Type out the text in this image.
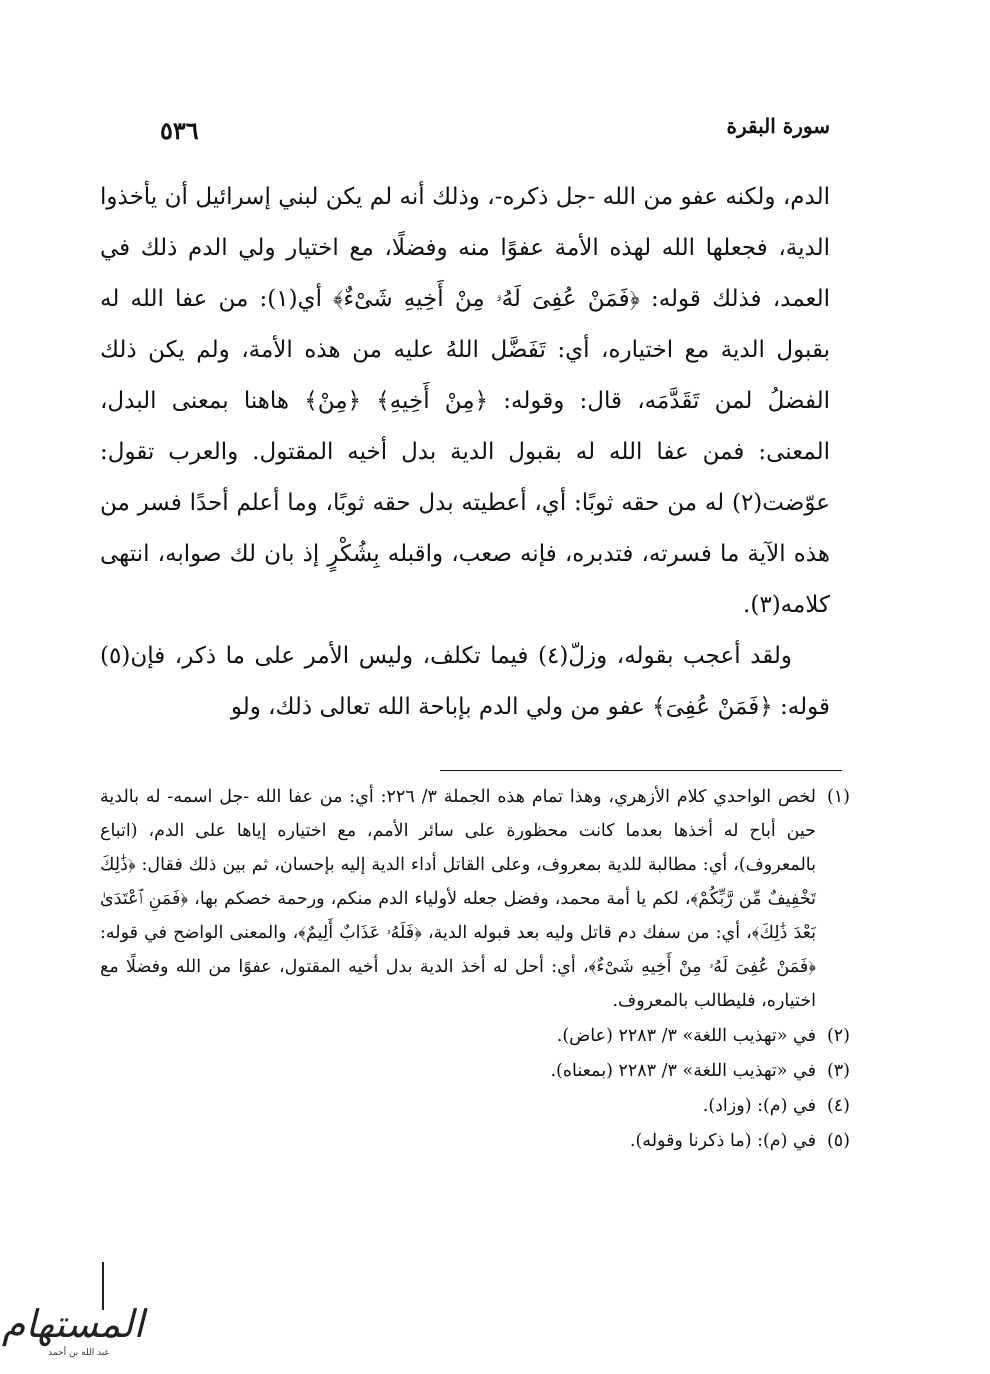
سورة البقرة
٥٣٦

الدم، ولكنه عفو من الله -جل ذكره-، وذلك أنه لم يكن لبني إسرائيل أن يأخذوا الدية، فجعلها الله لهذه الأمة عفوًا منه وفضلًا، مع اختيار ولي الدم ذلك في العمد، فذلك قوله: ﴿فَمَنْ عُفِىَ لَهُۥ مِنْ أَخِيهِ شَىْءٌ﴾ أي(١): من عفا الله له بقبول الدية مع اختياره، أي: تَفَضَّل اللهُ عليه من هذه الأمة، ولم يكن ذلك الفضلُ لمن تَقَدَّمَه، قال: وقوله: ﴿مِنْ أَخِيهِ﴾ ﴿مِنْ﴾ هاهنا بمعنى البدل، المعنى: فمن عفا الله له بقبول الدية بدل أخيه المقتول. والعرب تقول: عوّضت(٢) له من حقه ثوبًا: أي، أعطيته بدل حقه ثوبًا، وما أعلم أحدًا فسر من هذه الآية ما فسرته، فتدبره، فإنه صعب، واقبله بِشُكْرٍ إذ بان لك صوابه، انتهى كلامه(٣).

ولقد أعجب بقوله، وزلّ(٤) فيما تكلف، وليس الأمر على ما ذكر، فإن(٥) قوله: ﴿فَمَنْ عُفِىَ﴾ عفو من ولي الدم بإباحة الله تعالى ذلك، ولو

(١)
لخص الواحدي كلام الأزهري، وهذا تمام هذه الجملة ٣/ ٢٢٦: أي: من عفا الله -جل اسمه- له بالدية حين أباح له أخذها بعدما كانت محظورة على سائر الأمم، مع اختياره إياها على الدم، (اتباع بالمعروف)، أي: مطالبة للدية بمعروف، وعلى القاتل أداء الدية إليه بإحسان، ثم بين ذلك فقال: ﴿ذَٰلِكَ تَخْفِيفٌ مِّن رَّبِّكُمْ﴾، لكم يا أمة محمد، وفضل جعله لأولياء الدم منكم، ورحمة خصكم بها، ﴿فَمَنِ ٱعْتَدَىٰ بَعْدَ ذَٰلِكَ﴾، أي: من سفك دم قاتل وليه بعد قبوله الدية، ﴿فَلَهُۥ عَذَابٌ أَلِيمٌ﴾، والمعنى الواضح في قوله: ﴿فَمَنْ عُفِىَ لَهُۥ مِنْ أَخِيهِ شَىْءٌ﴾، أي: أحل له أخذ الدية بدل أخيه المقتول، عفوًا من الله وفضلًا مع اختياره، فليطالب بالمعروف.

(٢)
في «تهذيب اللغة» ٣/ ٢٢٨٣ (عاض).

(٣)
في «تهذيب اللغة» ٣/ ٢٢٨٣ (بمعناه).

(٤)
في (م): (وزاد).

(٥)
في (م): (ما ذكرنا وقوله).

المستهام
عبد الله بن أحمد
